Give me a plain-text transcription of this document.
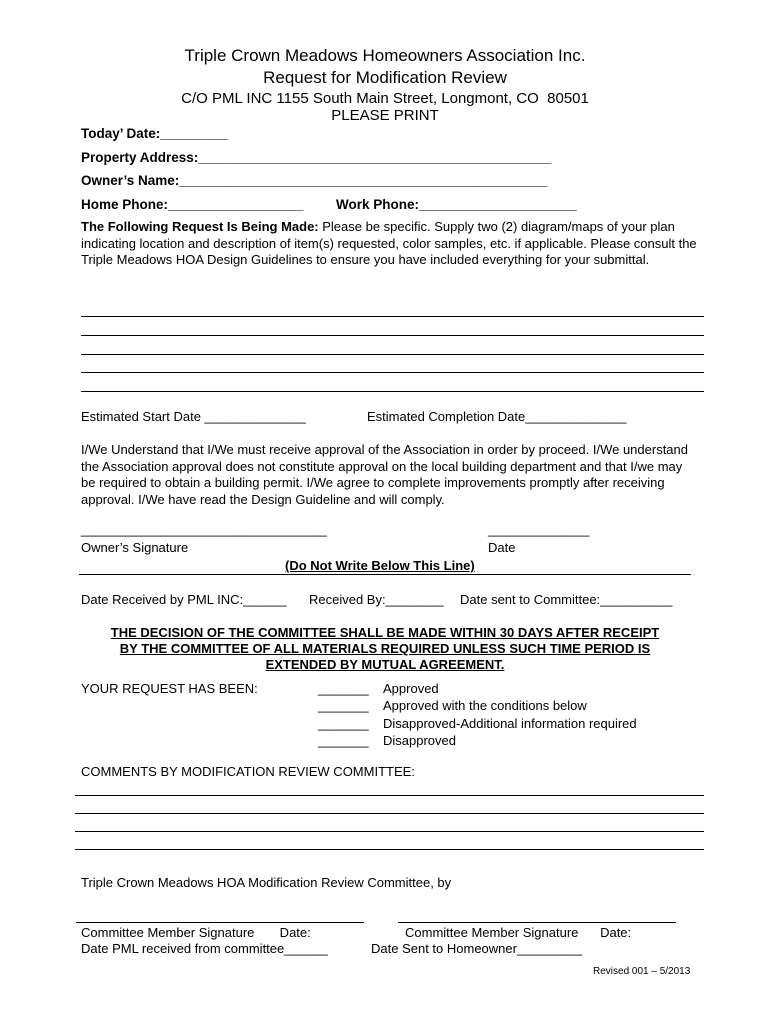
Triple Crown Meadows Homeowners Association Inc.
Request for Modification Review
C/O PML INC 1155 South Main Street, Longmont, CO  80501
PLEASE PRINT
Today’ Date:_________
Property Address:_______________________________________________
Owner’s Name:_________________________________________________
Home Phone:__________________ Work Phone:_____________________
The Following Request Is Being Made: Please be specific. Supply two (2) diagram/maps of your plan indicating location and description of item(s) requested, color samples, etc. if applicable. Please consult the Triple Meadows HOA Design Guidelines to ensure you have included everything for your submittal.
Estimated Start Date ______________	Estimated Completion Date______________
I/We Understand that I/We must receive approval of the Association in order by proceed. I/We understand the Association approval does not constitute approval on the local building department and that I/we may be required to obtain a building permit. I/We agree to complete improvements promptly after receiving approval. I/We have read the Design Guideline and will comply.
__________________________________
Owner’s Signature
______________
Date
(Do Not Write Below This Line)
Date Received by PML INC:______ Received By:________ Date sent to Committee:__________
THE DECISION OF THE COMMITTEE SHALL BE MADE WITHIN 30 DAYS AFTER RECEIPT
BY THE COMMITTEE OF ALL MATERIALS REQUIRED UNLESS SUCH TIME PERIOD IS
EXTENDED BY MUTUAL AGREEMENT.
YOUR REQUEST HAS BEEN:	_______ Approved
_______ Approved with the conditions below
_______ Disapproved-Additional information required
_______ Disapproved
COMMENTS BY MODIFICATION REVIEW COMMITTEE:
Triple Crown Meadows HOA Modification Review Committee, by
Committee Member Signature       Date:	Committee Member Signature      Date:
Date PML received from committee______	Date Sent to Homeowner_________
Revised 001 – 5/2013
